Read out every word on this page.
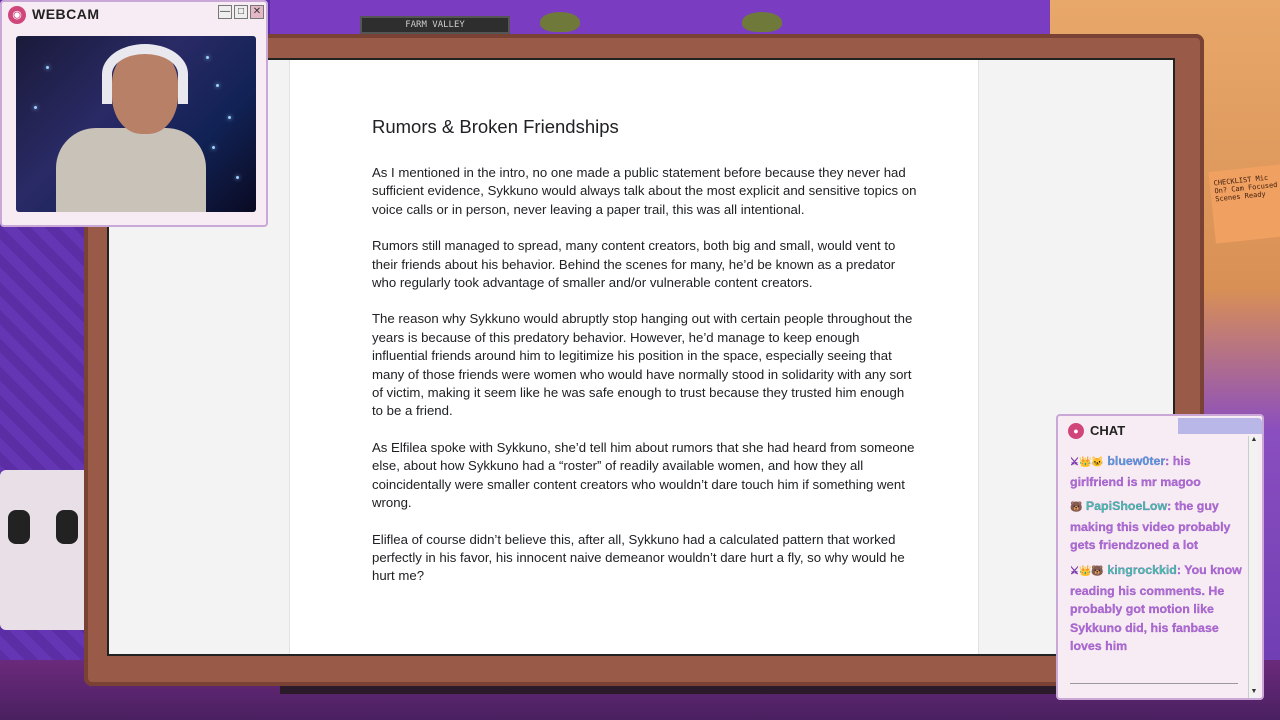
FARM VALLEY
CHECKLIST Mic On? Cam Focused Scenes Ready
Rumors & Broken Friendships

As I mentioned in the intro, no one made a public statement before because they never had sufficient evidence, Sykkuno would always talk about the most explicit and sensitive topics on voice calls or in person, never leaving a paper trail, this was all intentional.

Rumors still managed to spread, many content creators, both big and small, would vent to their friends about his behavior. Behind the scenes for many, he’d be known as a predator who regularly took advantage of smaller and/or vulnerable content creators.

The reason why Sykkuno would abruptly stop hanging out with certain people throughout the years is because of this predatory behavior. However, he’d manage to keep enough influential friends around him to legitimize his position in the space, especially seeing that many of those friends were women who would have normally stood in solidarity with any sort of victim, making it seem like he was safe enough to trust because they trusted him enough to be a friend.

As Elfilea spoke with Sykkuno, she’d tell him about rumors that she had heard from someone else, about how Sykkuno had a “roster” of readily available women, and how they all coincidentally were smaller content creators who wouldn’t dare touch him if something went wrong.

Eliflea of course didn’t believe this, after all, Sykkuno had a calculated pattern that worked perfectly in his favor, his innocent naive demeanor wouldn’t dare hurt a fly, so why would he hurt me?

◉ WEBCAM	— □ ✕
● CHAT
⚔👑🐱 bluew0ter: his girlfriend is mr magoo
🐻 PapiShoeLow: the guy making this video probably gets friendzoned a lot
⚔👑🐻 kingrockkid: You know reading his comments. He probably got motion like Sykkuno did, his fanbase loves him
▲
▼
